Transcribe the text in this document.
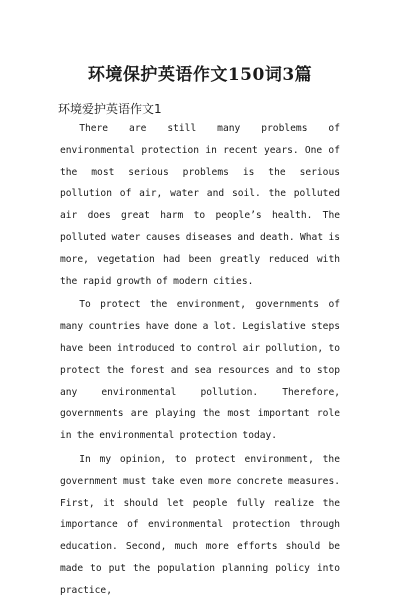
环境保护英语作文150词3篇
环境爱护英语作文1

There are still many problems of environmental protection in recent years. One of the most serious problems is the serious pollution of air, water and soil. the polluted air does great harm to people’s health. The polluted water causes diseases and death. What is more, vegetation had been greatly reduced with the rapid growth of modern cities.

To protect the environment, governments of many countries have done a lot. Legislative steps have been introduced to control air pollution, to protect the forest and sea resources and to stop any environmental pollution. Therefore, governments are playing the most important role in the environmental protection today.

In my opinion, to protect environment, the government must take even more concrete measures. First, it should let people fully realize the importance of environmental protection through education. Second, much more efforts should be made to put the population planning policy into practice,
